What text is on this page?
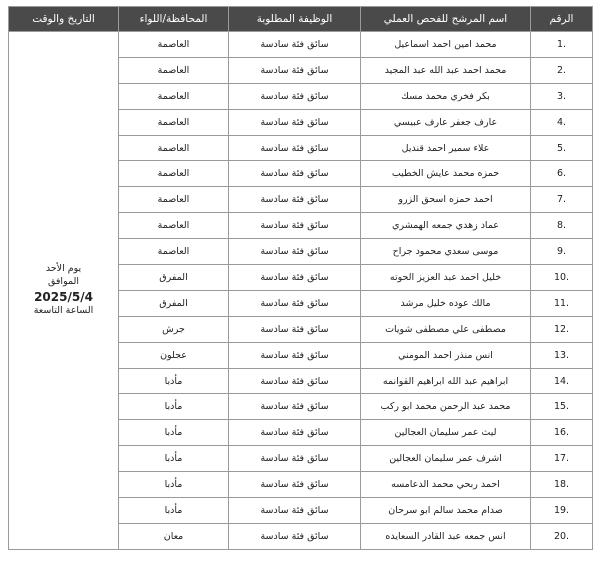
الرقم	اسم المرشح للفحص العملي	الوظيفة المطلوبة	المحافظة/اللواء	التاريخ والوقت
.1	محمد امين احمد اسماعيل	سائق فئة سادسة	العاصمة	يوم الأحد
الموافق
2025/5/4
الساعة التاسعة

.2	محمد احمد عبد الله عبد المجيد	سائق فئة سادسة	العاصمة	
.3	بكر فخري محمد مسك	سائق فئة سادسة	العاصمة	
.4	عارف جعفر عارف عبيسي	سائق فئة سادسة	العاصمة	
.5	علاء سمير احمد قنديل	سائق فئة سادسة	العاصمة	
.6	حمزه محمد عايش الخطيب	سائق فئة سادسة	العاصمة	
.7	احمد حمزه اسحق الزرو	سائق فئة سادسة	العاصمة	
.8	عماد زهدي جمعه الهمشري	سائق فئة سادسة	العاصمة	
.9	موسى سعدي محمود جراح	سائق فئة سادسة	العاصمة	
.10	خليل احمد عبد العزيز الحوته	سائق فئة سادسة	المفرق	
.11	مالك عوده خليل مرشد	سائق فئة سادسة	المفرق	
.12	مصطفى علي مصطفى شويات	سائق فئة سادسة	جرش	
.13	انس منذر احمد المومني	سائق فئة سادسة	عجلون	
.14	ابراهيم عبد الله ابراهيم القوانمه	سائق فئة سادسة	مأدبا	
.15	محمد عبد الرحمن محمد ابو ركب	سائق فئة سادسة	مأدبا	
.16	ليث عمر سليمان العجالين	سائق فئة سادسة	مأدبا	
.17	اشرف عمر سليمان العجالين	سائق فئة سادسة	مأدبا	
.18	احمد ربحي محمد الدعامسه	سائق فئة سادسة	مأدبا	
.19	صدام محمد سالم ابو سرحان	سائق فئة سادسة	مأدبا	
.20	انس جمعه عبد القادر السعايده	سائق فئة سادسة	معان	
